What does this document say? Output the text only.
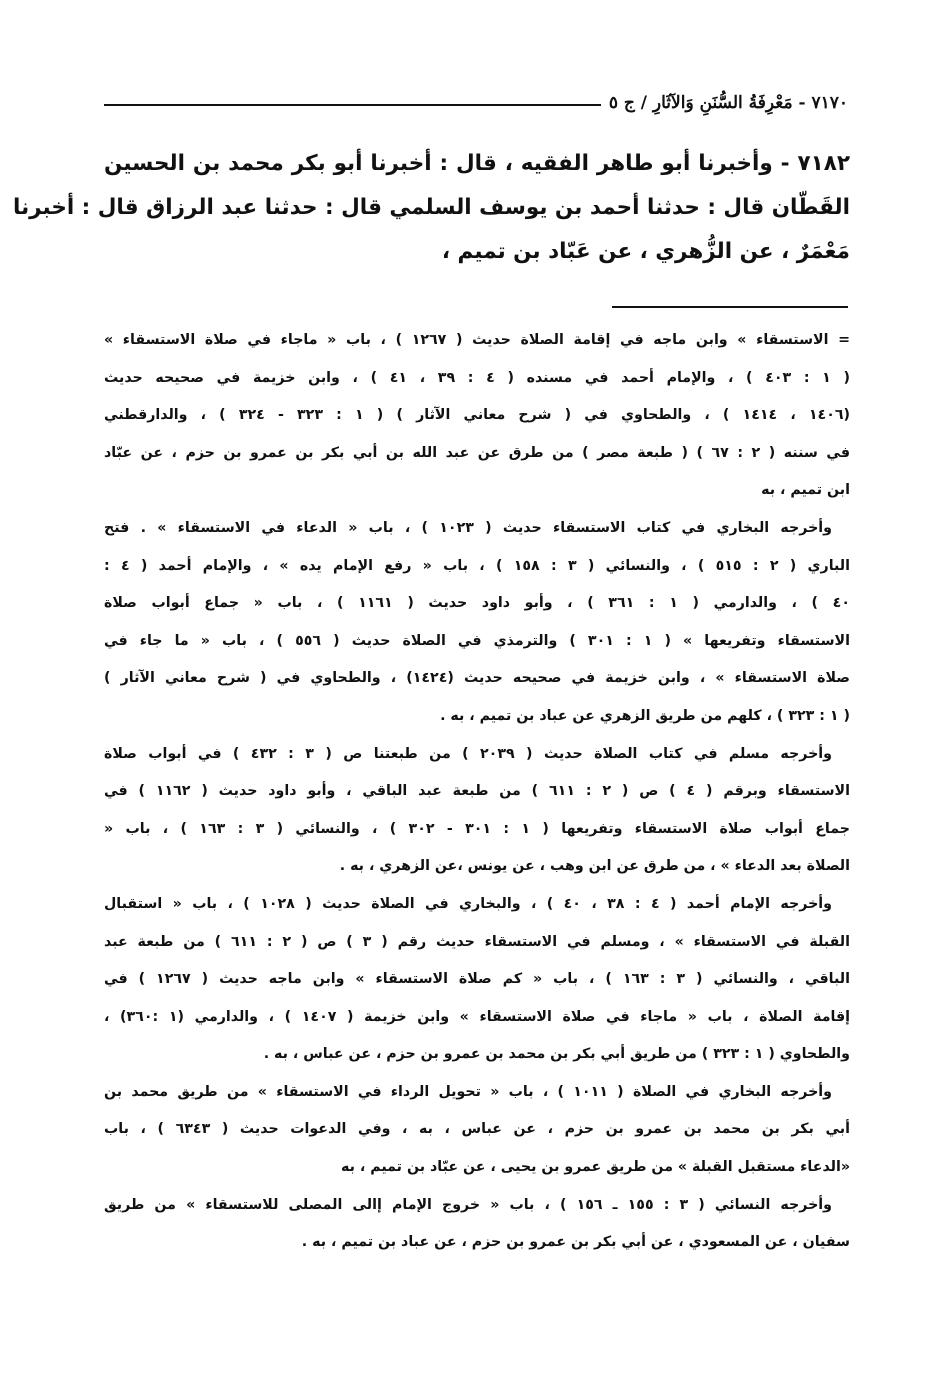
٧١٧٠ - مَعْرِفَةُ السُّنَنِ وَالآثَارِ / ج ٥
٧١٨٢ - وأخبرنا أبو طاهر الفقيه ، قال : أخبرنا أبو بكر محمد بن الحسين
القَطّان قال : حدثنا أحمد بن يوسف السلمي قال : حدثنا عبد الرزاق قال : أخبرنا
مَعْمَرٌ ، عن الزُّهري ، عن عَبّاد بن تميم ،
= الاستسقاء » وابن ماجه في إقامة الصلاة حديث ( ١٢٦٧ ) ، باب « ماجاء في صلاة الاستسقاء »
( ١ : ٤٠٣ ) ، والإمام أحمد في مسنده ( ٤ : ٣٩ ، ٤١ ) ، وابن خزيمة في صحيحه حديث
(١٤٠٦ ، ١٤١٤ ) ، والطحاوي في ( شرح معاني الآثار ) ( ١ : ٣٢٣ - ٣٢٤ ) ، والدارقطني
في سننه ( ٢ : ٦٧ ) ( طبعة مصر ) من طرق عن عبد الله بن أبي بكر بن عمرو بن حزم ، عن عبّاد
ابن تميم ، به
وأخرجه البخاري في كتاب الاستسقاء حديث ( ١٠٢٣ ) ، باب « الدعاء في الاستسقاء » . فتح
الباري ( ٢ : ٥١٥ ) ، والنسائي ( ٣ : ١٥٨ ) ، باب « رفع الإمام يده » ، والإمام أحمد ( ٤ :
٤٠ ) ، والدارمي ( ١ : ٣٦١ ) ، وأبو داود حديث ( ١١٦١ ) ، باب « جماع أبواب صلاة
الاستسقاء وتفريعها » ( ١ : ٣٠١ ) والترمذي في الصلاة حديث ( ٥٥٦ ) ، باب « ما جاء في
صلاة الاستسقاء » ، وابن خزيمة في صحيحه حديث (١٤٢٤) ، والطحاوي في ( شرح معاني الآثار )
( ١ : ٣٢٣ ) ، كلهم من طريق الزهري عن عباد بن تميم ، به .
وأخرجه مسلم في كتاب الصلاة حديث ( ٢٠٣٩ ) من طبعتنا ص ( ٣ : ٤٣٢ ) في أبواب صلاة
الاستسقاء وبرقم ( ٤ ) ص ( ٢ : ٦١١ ) من طبعة عبد الباقي ، وأبو داود حديث ( ١١٦٢ ) في
جماع أبواب صلاة الاستسقاء وتفريعها ( ١ : ٣٠١ - ٣٠٢ ) ، والنسائي ( ٣ : ١٦٣ ) ، باب «
الصلاة بعد الدعاء » ، من طرق عن ابن وهب ، عن يونس ،عن الزهري ، به .
وأخرجه الإمام أحمد ( ٤ : ٣٨ ، ٤٠ ) ، والبخاري في الصلاة حديث ( ١٠٢٨ ) ، باب « استقبال
القبلة في الاستسقاء » ، ومسلم في الاستسقاء حديث رقم ( ٣ ) ص ( ٢ : ٦١١ ) من طبعة عبد
الباقي ، والنسائي ( ٣ : ١٦٣ ) ، باب « كم صلاة الاستسقاء » وابن ماجه حديث ( ١٢٦٧ ) في
إقامة الصلاة ، باب « ماجاء في صلاة الاستسقاء » وابن خزيمة ( ١٤٠٧ ) ، والدارمي (١ :٣٦٠) ،
والطحاوي ( ١ : ٣٢٣ ) من طريق أبي بكر بن محمد بن عمرو بن حزم ، عن عباس ، به .
وأخرجه البخاري في الصلاة ( ١٠١١ ) ، باب « تحويل الرداء في الاستسقاء » من طريق محمد بن
أبي بكر بن محمد بن عمرو بن حزم ، عن عباس ، به ، وفي الدعوات حديث ( ٦٣٤٣ ) ، باب
«الدعاء مستقبل القبلة » من طريق عمرو بن يحيى ، عن عبّاد بن تميم ، به
وأخرجه النسائي ( ٣ : ١٥٥ ـ ١٥٦ ) ، باب « خروج الإمام إالى المصلى للاستسقاء » من طريق
سفيان ، عن المسعودي ، عن أبي بكر بن عمرو بن حزم ، عن عباد بن تميم ، به .
